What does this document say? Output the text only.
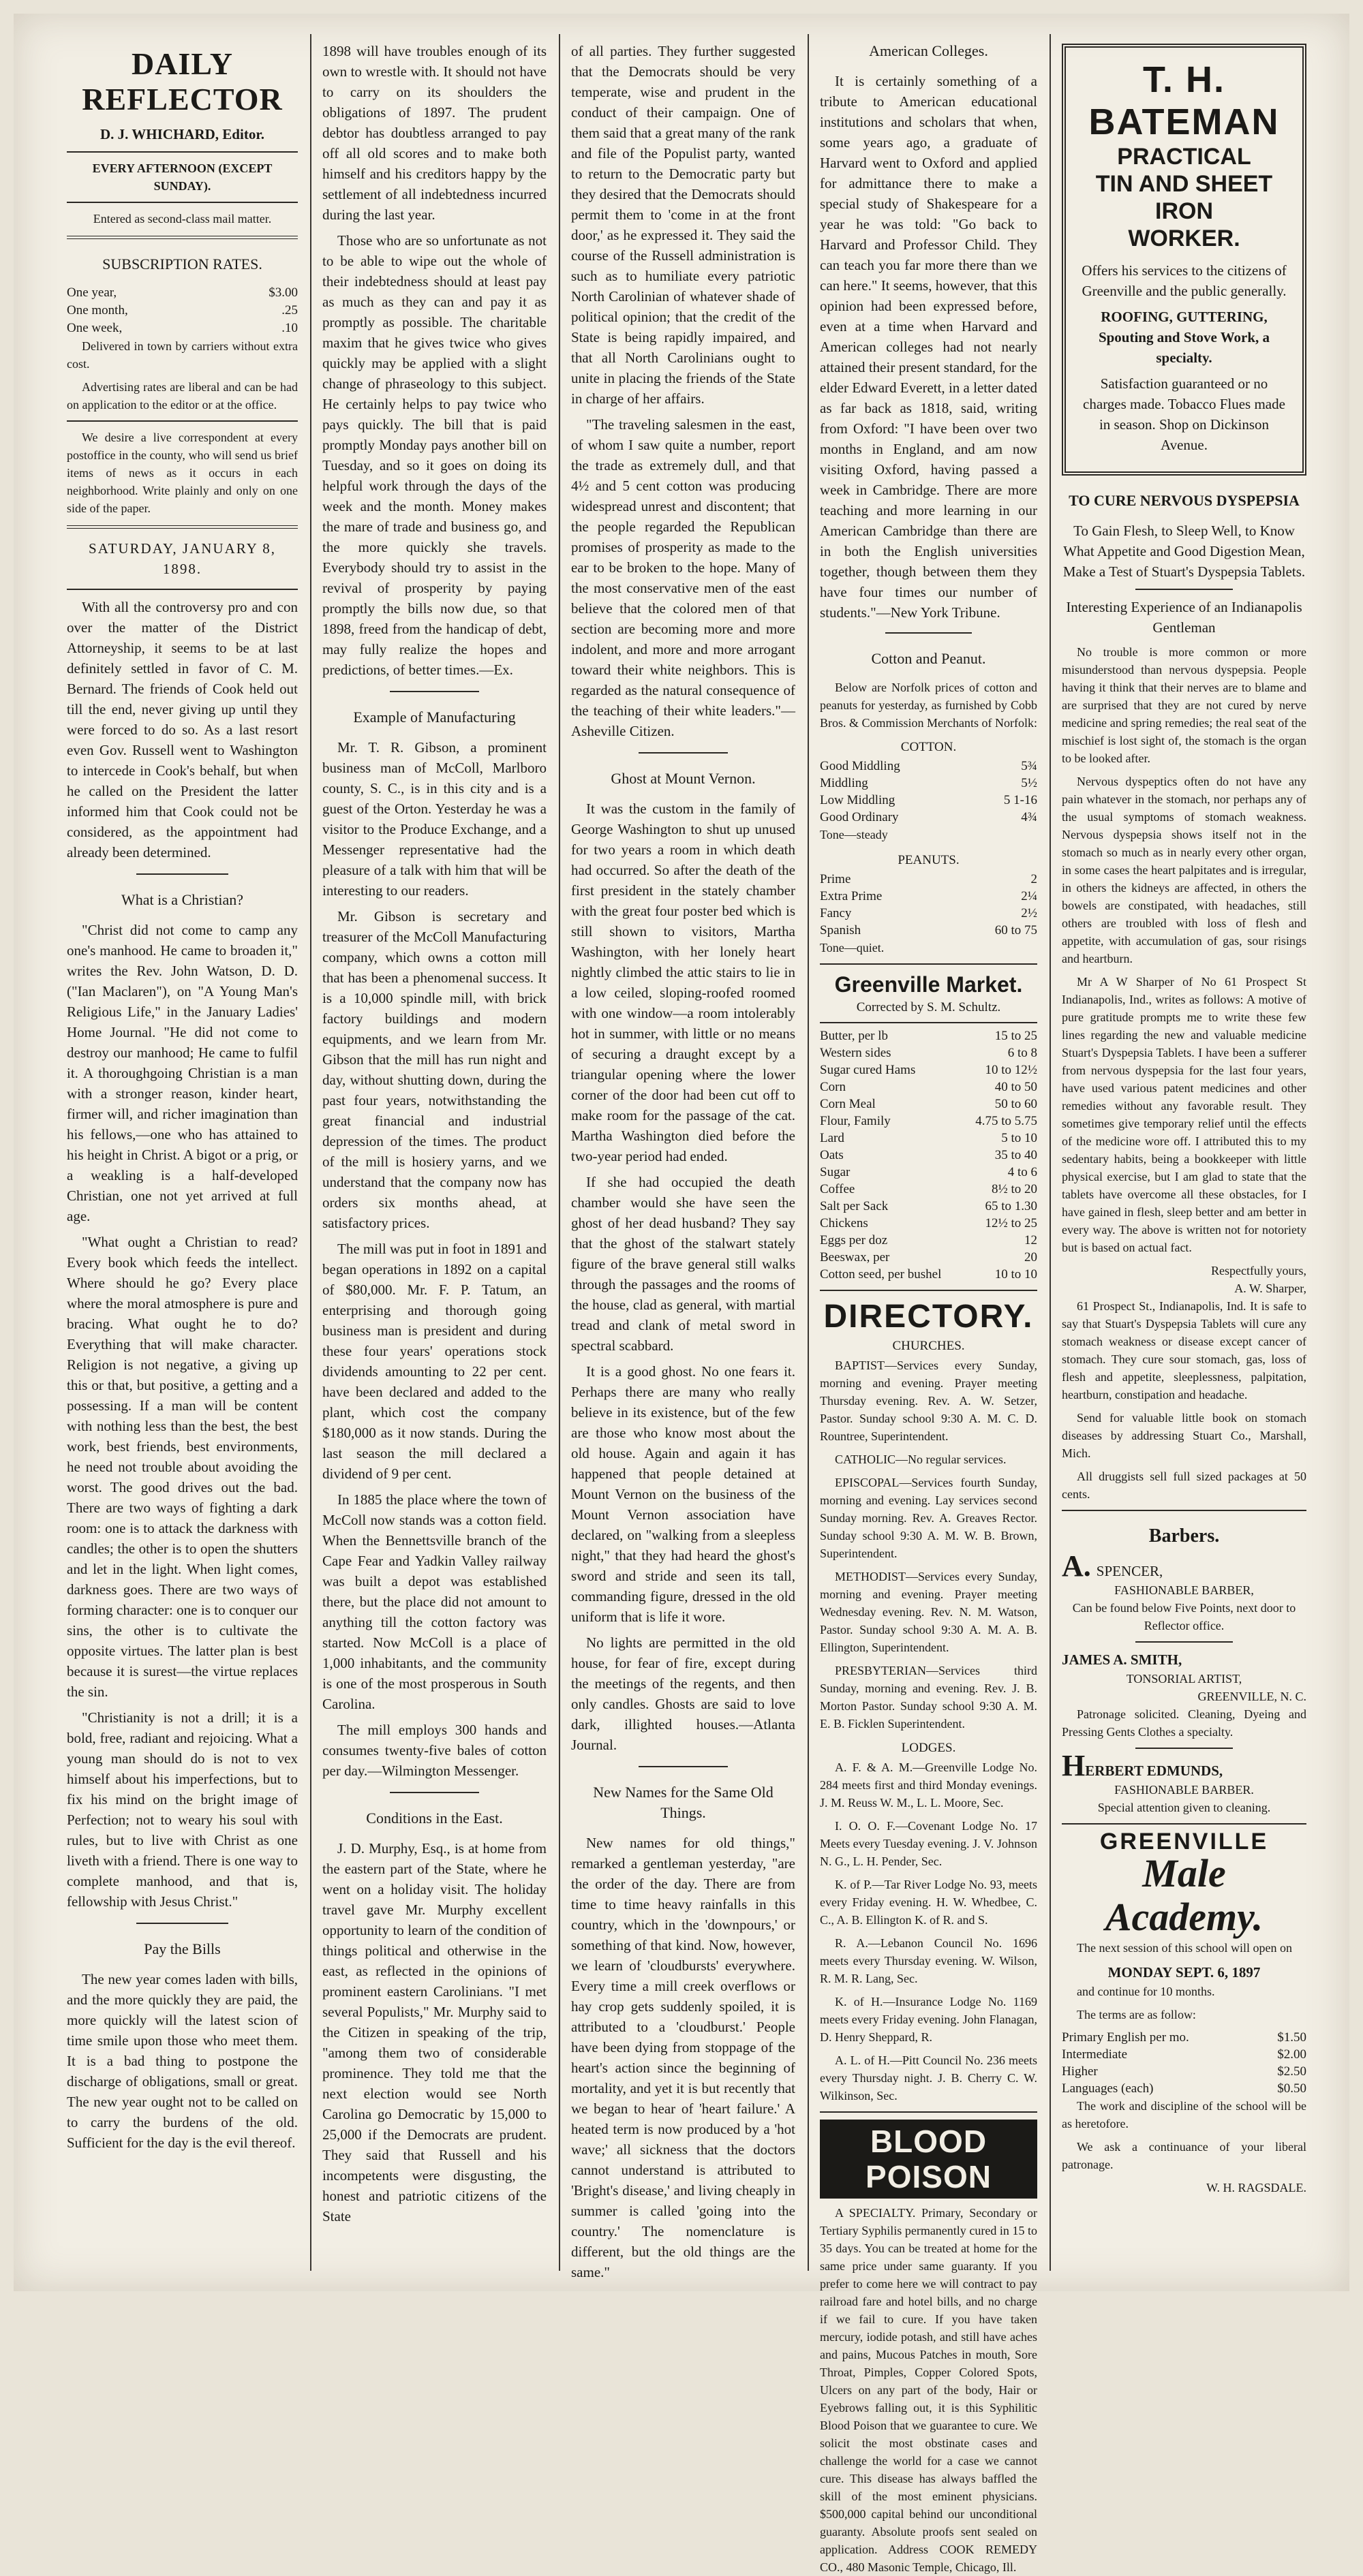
DAILY REFLECTOR
D. J. WHICHARD, Editor.
EVERY AFTERNOON (EXCEPT SUNDAY).
Entered as second-class mail matter.
SUBSCRIPTION RATES.
One year,	$3.00
One month,	.25
One week,	.10

Delivered in town by carriers without extra cost.

Advertising rates are liberal and can be had on application to the editor or at the office.

We desire a live correspondent at every postoffice in the county, who will send us brief items of news as it occurs in each neighborhood. Write plainly and only on one side of the paper.

SATURDAY, JANUARY 8, 1898.

With all the controversy pro and con over the matter of the District Attorneyship, it seems to be at last definitely settled in favor of C. M. Bernard. The friends of Cook held out till the end, never giving up until they were forced to do so. As a last resort even Gov. Russell went to Washington to intercede in Cook's behalf, but when he called on the President the latter informed him that Cook could not be considered, as the appointment had already been determined.

What is a Christian?

"Christ did not come to camp any one's manhood. He came to broaden it," writes the Rev. John Watson, D. D. ("Ian Maclaren"), on "A Young Man's Religious Life," in the January Ladies' Home Journal. "He did not come to destroy our manhood; He came to fulfil it. A thoroughgoing Christian is a man with a stronger reason, kinder heart, firmer will, and richer imagination than his fellows,—one who has attained to his height in Christ. A bigot or a prig, or a weakling is a half-developed Christian, one not yet arrived at full age.

"What ought a Christian to read? Every book which feeds the intellect. Where should he go? Every place where the moral atmosphere is pure and bracing. What ought he to do? Everything that will make character. Religion is not negative, a giving up this or that, but positive, a getting and a possessing. If a man will be content with nothing less than the best, the best work, best friends, best environments, he need not trouble about avoiding the worst. The good drives out the bad. There are two ways of fighting a dark room: one is to attack the darkness with candles; the other is to open the shutters and let in the light. When light comes, darkness goes. There are two ways of forming character: one is to conquer our sins, the other is to cultivate the opposite virtues. The latter plan is best because it is surest—the virtue replaces the sin.

"Christianity is not a drill; it is a bold, free, radiant and rejoicing. What a young man should do is not to vex himself about his imperfections, but to fix his mind on the bright image of Perfection; not to weary his soul with rules, but to live with Christ as one liveth with a friend. There is one way to complete manhood, and that is, fellowship with Jesus Christ."

Pay the Bills

The new year comes laden with bills, and the more quickly they are paid, the more quickly will the latest scion of time smile upon those who meet them. It is a bad thing to postpone the discharge of obligations, small or great. The new year ought not to be called on to carry the burdens of the old. Sufficient for the day is the evil thereof.

1898 will have troubles enough of its own to wrestle with. It should not have to carry on its shoulders the obligations of 1897. The prudent debtor has doubtless arranged to pay off all old scores and to make both himself and his creditors happy by the settlement of all indebtedness incurred during the last year.

Those who are so unfortunate as not to be able to wipe out the whole of their indebtedness should at least pay as much as they can and pay it as promptly as possible. The charitable maxim that he gives twice who gives quickly may be applied with a slight change of phraseology to this subject. He certainly helps to pay twice who pays quickly. The bill that is paid promptly Monday pays another bill on Tuesday, and so it goes on doing its helpful work through the days of the week and the month. Money makes the mare of trade and business go, and the more quickly she travels. Everybody should try to assist in the revival of prosperity by paying promptly the bills now due, so that 1898, freed from the handicap of debt, may fully realize the hopes and predictions, of better times.—Ex.

Example of Manufacturing

Mr. T. R. Gibson, a prominent business man of McColl, Marlboro county, S. C., is in this city and is a guest of the Orton. Yesterday he was a visitor to the Produce Exchange, and a Messenger representative had the pleasure of a talk with him that will be interesting to our readers.

Mr. Gibson is secretary and treasurer of the McColl Manufacturing company, which owns a cotton mill that has been a phenomenal success. It is a 10,000 spindle mill, with brick factory buildings and modern equipments, and we learn from Mr. Gibson that the mill has run night and day, without shutting down, during the past four years, notwithstanding the great financial and industrial depression of the times. The product of the mill is hosiery yarns, and we understand that the company now has orders six months ahead, at satisfactory prices.

The mill was put in foot in 1891 and began operations in 1892 on a capital of $80,000. Mr. F. P. Tatum, an enterprising and thorough going business man is president and during these four years' operations stock dividends amounting to 22 per cent. have been declared and added to the plant, which cost the company $180,000 as it now stands. During the last season the mill declared a dividend of 9 per cent.

In 1885 the place where the town of McColl now stands was a cotton field. When the Bennettsville branch of the Cape Fear and Yadkin Valley railway was built a depot was established there, but the place did not amount to anything till the cotton factory was started. Now McColl is a place of 1,000 inhabitants, and the community is one of the most prosperous in South Carolina.

The mill employs 300 hands and consumes twenty-five bales of cotton per day.—Wilmington Messenger.

Conditions in the East.

J. D. Murphy, Esq., is at home from the eastern part of the State, where he went on a holiday visit. The holiday travel gave Mr. Murphy excellent opportunity to learn of the condition of things political and otherwise in the east, as reflected in the opinions of prominent eastern Carolinians. "I met several Populists," Mr. Murphy said to the Citizen in speaking of the trip, "among them two of considerable prominence. They told me that the next election would see North Carolina go Democratic by 15,000 to 25,000 if the Democrats are prudent. They said that Russell and his incompetents were disgusting, the honest and patriotic citizens of the State

of all parties. They further suggested that the Democrats should be very temperate, wise and prudent in the conduct of their campaign. One of them said that a great many of the rank and file of the Populist party, wanted to return to the Democratic party but they desired that the Democrats should permit them to 'come in at the front door,' as he expressed it. They said the course of the Russell administration is such as to humiliate every patriotic North Carolinian of whatever shade of political opinion; that the credit of the State is being rapidly impaired, and that all North Carolinians ought to unite in placing the friends of the State in charge of her affairs.

"The traveling salesmen in the east, of whom I saw quite a number, report the trade as extremely dull, and that 4½ and 5 cent cotton was producing widespread unrest and discontent; that the people regarded the Republican promises of prosperity as made to the ear to be broken to the hope. Many of the most conservative men of the east believe that the colored men of that section are becoming more and more indolent, and more and more arrogant toward their white neighbors. This is regarded as the natural consequence of the teaching of their white leaders."—Asheville Citizen.

Ghost at Mount Vernon.

It was the custom in the family of George Washington to shut up unused for two years a room in which death had occurred. So after the death of the first president in the stately chamber with the great four poster bed which is still shown to visitors, Martha Washington, with her lonely heart nightly climbed the attic stairs to lie in a low ceiled, sloping-roofed roomed with one window—a room intolerably hot in summer, with little or no means of securing a draught except by a triangular opening where the lower corner of the door had been cut off to make room for the passage of the cat. Martha Washington died before the two-year period had ended.

If she had occupied the death chamber would she have seen the ghost of her dead husband? They say that the ghost of the stalwart stately figure of the brave general still walks through the passages and the rooms of the house, clad as general, with martial tread and clank of metal sword in spectral scabbard.

It is a good ghost. No one fears it. Perhaps there are many who really believe in its existence, but of the few are those who know most about the old house. Again and again it has happened that people detained at Mount Vernon on the business of the Mount Vernon association have declared, on "walking from a sleepless night," that they had heard the ghost's sword and stride and seen its tall, commanding figure, dressed in the old uniform that is life it wore.

No lights are permitted in the old house, for fear of fire, except during the meetings of the regents, and then only candles. Ghosts are said to love dark, illighted houses.—Atlanta Journal.

New Names for the Same Old Things.

New names for old things," remarked a gentleman yesterday, "are the order of the day. There are from time to time heavy rainfalls in this country, which in the 'downpours,' or something of that kind. Now, however, we learn of 'cloudbursts' everywhere. Every time a mill creek overflows or hay crop gets suddenly spoiled, it is attributed to a 'cloudburst.' People have been dying from stoppage of the heart's action since the beginning of mortality, and yet it is but recently that we began to hear of 'heart failure.' A heated term is now produced by a 'hot wave;' all sickness that the doctors cannot understand is attributed to 'Bright's disease,' and living cheaply in summer is called 'going into the country.' The nomenclature is different, but the old things are the same."

American Colleges.

It is certainly something of a tribute to American educational institutions and scholars that when, some years ago, a graduate of Harvard went to Oxford and applied for admittance there to make a special study of Shakespeare for a year he was told: "Go back to Harvard and Professor Child. They can teach you far more there than we can here." It seems, however, that this opinion had been expressed before, even at a time when Harvard and American colleges had not nearly attained their present standard, for the elder Edward Everett, in a letter dated as far back as 1818, said, writing from Oxford: "I have been over two months in England, and am now visiting Oxford, having passed a week in Cambridge. There are more teaching and more learning in our American Cambridge than there are in both the English universities together, though between them they have four times our number of students."—New York Tribune.

Cotton and Peanut.

Below are Norfolk prices of cotton and peanuts for yesterday, as furnished by Cobb Bros. & Commission Merchants of Norfolk:

COTTON.
Good Middling	5¾
Middling	5½
Low Middling	5 1-16
Good Ordinary	4¾
Tone—steady
PEANUTS.
Prime	2
Extra Prime	2¼
Fancy	2½
Spanish	60 to 75
Tone—quiet.
Greenville Market.
Corrected by S. M. Schultz.
Butter, per lb	15 to 25
Western sides	6 to 8
Sugar cured Hams	10 to 12½
Corn	40 to 50
Corn Meal	50 to 60
Flour, Family	4.75 to 5.75
Lard	5 to 10
Oats	35 to 40
Sugar	4 to 6
Coffee	8½ to 20
Salt per Sack	65 to 1.30
Chickens	12½ to 25
Eggs per doz	12
Beeswax, per	20
Cotton seed, per bushel	10 to 10
DIRECTORY.
CHURCHES.

BAPTIST—Services every Sunday, morning and evening. Prayer meeting Thursday evening. Rev. A. W. Setzer, Pastor. Sunday school 9:30 A. M. C. D. Rountree, Superintendent.

CATHOLIC—No regular services.

EPISCOPAL—Services fourth Sunday, morning and evening. Lay services second Sunday morning. Rev. A. Greaves Rector. Sunday school 9:30 A. M. W. B. Brown, Superintendent.

METHODIST—Services every Sunday, morning and evening. Prayer meeting Wednesday evening. Rev. N. M. Watson, Pastor. Sunday school 9:30 A. M. A. B. Ellington, Superintendent.

PRESBYTERIAN—Services third Sunday, morning and evening. Rev. J. B. Morton Pastor. Sunday school 9:30 A. M. E. B. Ficklen Superintendent.

LODGES.

A. F. & A. M.—Greenville Lodge No. 284 meets first and third Monday evenings. J. M. Reuss W. M., L. L. Moore, Sec.

I. O. O. F.—Covenant Lodge No. 17 Meets every Tuesday evening. J. V. Johnson N. G., L. H. Pender, Sec.

K. of P.—Tar River Lodge No. 93, meets every Friday evening. H. W. Whedbee, C. C., A. B. Ellington K. of R. and S.

R. A.—Lebanon Council No. 1696 meets every Thursday evening. W. Wilson, R. M. R. Lang, Sec.

K. of H.—Insurance Lodge No. 1169 meets every Friday evening. John Flanagan, D. Henry Sheppard, R.

A. L. of H.—Pitt Council No. 236 meets every Thursday night. J. B. Cherry C. W. Wilkinson, Sec.

BLOOD POISON

A SPECIALTY. Primary, Secondary or Tertiary Syphilis permanently cured in 15 to 35 days. You can be treated at home for the same price under same guaranty. If you prefer to come here we will contract to pay railroad fare and hotel bills, and no charge if we fail to cure. If you have taken mercury, iodide potash, and still have aches and pains, Mucous Patches in mouth, Sore Throat, Pimples, Copper Colored Spots, Ulcers on any part of the body, Hair or Eyebrows falling out, it is this Syphilitic Blood Poison that we guarantee to cure. We solicit the most obstinate cases and challenge the world for a case we cannot cure. This disease has always baffled the skill of the most eminent physicians. $500,000 capital behind our unconditional guaranty. Absolute proofs sent sealed on application. Address COOK REMEDY CO., 480 Masonic Temple, Chicago, Ill.

T. H. BATEMAN
PRACTICAL
TIN AND SHEET IRON
WORKER.

Offers his services to the citizens of Greenville and the public generally.

ROOFING, GUTTERING, Spouting and Stove Work, a specialty.

Satisfaction guaranteed or no charges made. Tobacco Flues made in season. Shop on Dickinson Avenue.

TO CURE NERVOUS DYSPEPSIA

To Gain Flesh, to Sleep Well, to Know What Appetite and Good Digestion Mean, Make a Test of Stuart's Dyspepsia Tablets.

Interesting Experience of an Indianapolis Gentleman

No trouble is more common or more misunderstood than nervous dyspepsia. People having it think that their nerves are to blame and are surprised that they are not cured by nerve medicine and spring remedies; the real seat of the mischief is lost sight of, the stomach is the organ to be looked after.

Nervous dyspeptics often do not have any pain whatever in the stomach, nor perhaps any of the usual symptoms of stomach weakness. Nervous dyspepsia shows itself not in the stomach so much as in nearly every other organ, in some cases the heart palpitates and is irregular, in others the kidneys are affected, in others the bowels are constipated, with headaches, still others are troubled with loss of flesh and appetite, with accumulation of gas, sour risings and heartburn.

Mr A W Sharper of No 61 Prospect St Indianapolis, Ind., writes as follows: A motive of pure gratitude prompts me to write these few lines regarding the new and valuable medicine Stuart's Dyspepsia Tablets. I have been a sufferer from nervous dyspepsia for the last four years, have used various patent medicines and other remedies without any favorable result. They sometimes give temporary relief until the effects of the medicine wore off. I attributed this to my sedentary habits, being a bookkeeper with little physical exercise, but I am glad to state that the tablets have overcome all these obstacles, for I have gained in flesh, sleep better and am better in every way. The above is written not for notoriety but is based on actual fact.

Respectfully yours,
A. W. Sharper,

61 Prospect St., Indianapolis, Ind. It is safe to say that Stuart's Dyspepsia Tablets will cure any stomach weakness or disease except cancer of stomach. They cure sour stomach, gas, loss of flesh and appetite, sleeplessness, palpitation, heartburn, constipation and headache.

Send for valuable little book on stomach diseases by addressing Stuart Co., Marshall, Mich.

All druggists sell full sized packages at 50 cents.

Barbers.
A. SPENCER,
FASHIONABLE BARBER,

Can be found below Five Points, next door to Reflector office.

JAMES A. SMITH,
TONSORIAL ARTIST,
GREENVILLE, N. C.

Patronage solicited. Cleaning, Dyeing and Pressing Gents Clothes a specialty.

HERBERT EDMUNDS,
FASHIONABLE BARBER.

Special attention given to cleaning.

GREENVILLE
Male Academy.

The next session of this school will open on

MONDAY SEPT. 6, 1897

and continue for 10 months.

The terms are as follow:

Primary English per mo.	$1.50
Intermediate	$2.00
Higher	$2.50
Languages (each)	$0.50

The work and discipline of the school will be as heretofore.

We ask a continuance of your liberal patronage.

W. H. RAGSDALE.
